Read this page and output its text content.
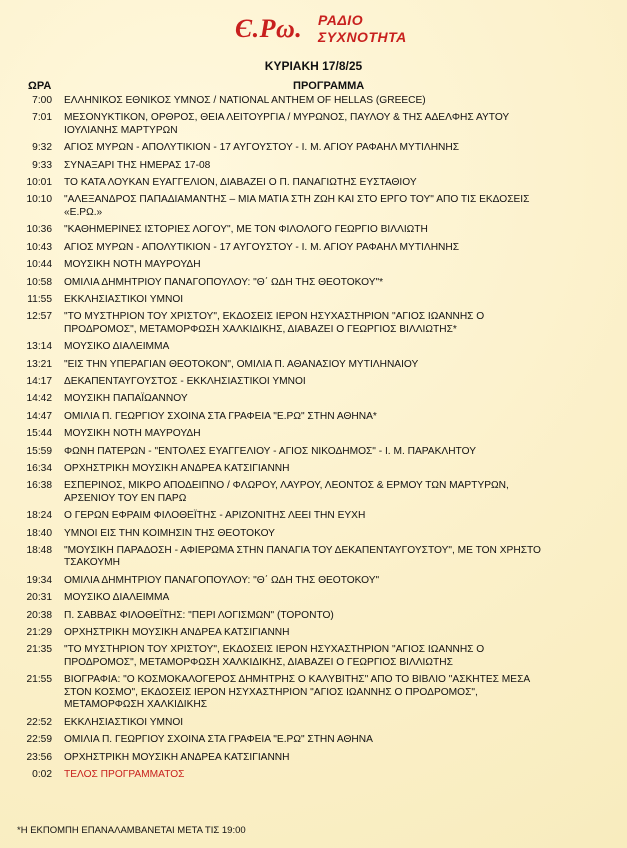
Є.Ρω. ΡΑΔΙΟ
ΣΥΧΝΟΤΗΤΑ
ΚΥΡΙΑΚΗ 17/8/25
ΩΡΑ	ΠΡΟΓΡΑΜΜΑ
7:00 ΕΛΛΗΝΙΚΟΣ ΕΘΝΙΚΟΣ ΥΜΝΟΣ / NATIONAL ANTHEM OF HELLAS (GREECE)
7:01 ΜΕΣΟΝΥΚΤΙΚΟΝ, ΟΡΘΡΟΣ, ΘΕΙΑ ΛΕΙΤΟΥΡΓΙΑ / ΜΥΡΩΝΟΣ, ΠΑΥΛΟΥ & ΤΗΣ ΑΔΕΛΦΗΣ ΑΥΤΟΥ
ΙΟΥΛΙΑΝΗΣ ΜΑΡΤΥΡΩΝ
9:32 ΑΓΙΟΣ ΜΥΡΩΝ - ΑΠΟΛΥΤΙΚΙΟΝ - 17 ΑΥΓΟΥΣΤΟΥ - Ι. Μ. ΑΓΙΟΥ ΡΑΦΑΗΛ ΜΥΤΙΛΗΝΗΣ
9:33 ΣΥΝΑΞΑΡΙ ΤΗΣ ΗΜΕΡΑΣ 17-08
10:01 ΤΟ ΚΑΤΑ ΛΟΥΚΑΝ ΕΥΑΓΓΕΛΙΟΝ, ΔΙΑΒΑΖΕΙ Ο Π. ΠΑΝΑΓΙΩΤΗΣ ΕΥΣΤΑΘΙΟΥ
10:10 "ΑΛΕΞΑΝΔΡΟΣ ΠΑΠΑΔΙΑΜΑΝΤΗΣ – ΜΙΑ ΜΑΤΙΑ ΣΤΗ ΖΩΗ ΚΑΙ ΣΤΟ ΕΡΓΟ ΤΟΥ" ΑΠΟ ΤΙΣ ΕΚΔΟΣΕΙΣ
«Ε.ΡΩ.»
10:36 "ΚΑΘΗΜΕΡΙΝΕΣ ΙΣΤΟΡΙΕΣ ΛΟΓΟΥ", ΜΕ ΤΟΝ ΦΙΛΟΛΟΓΟ ΓΕΩΡΓΙΟ ΒΙΛΛΙΩΤΗ
10:43 ΑΓΙΟΣ ΜΥΡΩΝ - ΑΠΟΛΥΤΙΚΙΟΝ - 17 ΑΥΓΟΥΣΤΟΥ - Ι. Μ. ΑΓΙΟΥ ΡΑΦΑΗΛ ΜΥΤΙΛΗΝΗΣ
10:44 ΜΟΥΣΙΚΗ ΝΟΤΗ ΜΑΥΡΟΥΔΗ
10:58 ΟΜΙΛΙΑ ΔΗΜΗΤΡΙΟΥ ΠΑΝΑΓΟΠΟΥΛΟΥ: "Θ΄ ΩΔΗ ΤΗΣ ΘΕΟΤΟΚΟΥ"*
11:55 ΕΚΚΛΗΣΙΑΣΤΙΚΟΙ ΥΜΝΟΙ
12:57 "ΤΟ ΜΥΣΤΗΡΙΟΝ ΤΟΥ ΧΡΙΣΤΟΥ", ΕΚΔΟΣΕΙΣ ΙΕΡΟΝ ΗΣΥΧΑΣΤΗΡΙΟΝ "ΑΓΙΟΣ ΙΩΑΝΝΗΣ Ο
ΠΡΟΔΡΟΜΟΣ", ΜΕΤΑΜΟΡΦΩΣΗ ΧΑΛΚΙΔΙΚΗΣ, ΔΙΑΒΑΖΕΙ Ο ΓΕΩΡΓΙΟΣ ΒΙΛΛΙΩΤΗΣ*
13:14 ΜΟΥΣΙΚΟ ΔΙΑΛΕΙΜΜΑ
13:21 "ΕΙΣ ΤΗΝ ΥΠΕΡΑΓΙΑΝ ΘΕΟΤΟΚΟΝ", ΟΜΙΛΙΑ Π. ΑΘΑΝΑΣΙΟΥ ΜΥΤΙΛΗΝΑΙΟΥ
14:17 ΔΕΚΑΠΕΝΤΑΥΓΟΥΣΤΟΣ - ΕΚΚΛΗΣΙΑΣΤΙΚΟΙ ΥΜΝΟΙ
14:42 ΜΟΥΣΙΚΗ ΠΑΠΑΪΩΑΝΝΟΥ
14:47 ΟΜΙΛΙΑ Π. ΓΕΩΡΓΙΟΥ ΣΧΟΙΝΑ ΣΤΑ ΓΡΑΦΕΙΑ "Ε.ΡΩ" ΣΤΗΝ ΑΘΗΝΑ*
15:44 ΜΟΥΣΙΚΗ ΝΟΤΗ ΜΑΥΡΟΥΔΗ
15:59 ΦΩΝΗ ΠΑΤΕΡΩΝ - "ΕΝΤΟΛΕΣ ΕΥΑΓΓΕΛΙΟΥ - ΑΓΙΟΣ ΝΙΚΟΔΗΜΟΣ" - Ι. Μ. ΠΑΡΑΚΛΗΤΟΥ
16:34 ΟΡΧΗΣΤΡΙΚΗ ΜΟΥΣΙΚΗ ΑΝΔΡΕΑ ΚΑΤΣΙΓΙΑΝΝΗ
16:38 ΕΣΠΕΡΙΝΟΣ, ΜΙΚΡΟ ΑΠΟΔΕΙΠΝΟ / ΦΛΩΡΟΥ, ΛΑΥΡΟΥ, ΛΕΟΝΤΟΣ & ΕΡΜΟΥ ΤΩΝ ΜΑΡΤΥΡΩΝ,
ΑΡΣΕΝΙΟΥ ΤΟΥ ΕΝ ΠΑΡΩ
18:24 Ο ΓΕΡΩΝ ΕΦΡΑΙΜ ΦΙΛΟΘΕΪΤΗΣ - ΑΡΙΖΟΝΙΤΗΣ ΛΕΕΙ ΤΗΝ ΕΥΧΗ
18:40 ΥΜΝΟΙ ΕΙΣ ΤΗΝ ΚΟΙΜΗΣΙΝ ΤΗΣ ΘΕΟΤΟΚΟΥ
18:48 "ΜΟΥΣΙΚΗ ΠΑΡΑΔΟΣΗ - ΑΦΙΕΡΩΜΑ ΣΤΗΝ ΠΑΝΑΓΙΑ ΤΟΥ ΔΕΚΑΠΕΝΤΑΥΓΟΥΣΤΟΥ", ΜΕ ΤΟΝ ΧΡΗΣΤΟ
ΤΣΑΚΟΥΜΗ
19:34 ΟΜΙΛΙΑ ΔΗΜΗΤΡΙΟΥ ΠΑΝΑΓΟΠΟΥΛΟΥ: "Θ΄ ΩΔΗ ΤΗΣ ΘΕΟΤΟΚΟΥ"
20:31 ΜΟΥΣΙΚΟ ΔΙΑΛΕΙΜΜΑ
20:38 Π. ΣΑΒΒΑΣ ΦΙΛΟΘΕΪΤΗΣ: "ΠΕΡΙ ΛΟΓΙΣΜΩΝ" (ΤΟΡΟΝΤΟ)
21:29 ΟΡΧΗΣΤΡΙΚΗ ΜΟΥΣΙΚΗ ΑΝΔΡΕΑ ΚΑΤΣΙΓΙΑΝΝΗ
21:35 "ΤΟ ΜΥΣΤΗΡΙΟΝ ΤΟΥ ΧΡΙΣΤΟΥ", ΕΚΔΟΣΕΙΣ ΙΕΡΟΝ ΗΣΥΧΑΣΤΗΡΙΟΝ "ΑΓΙΟΣ ΙΩΑΝΝΗΣ Ο
ΠΡΟΔΡΟΜΟΣ", ΜΕΤΑΜΟΡΦΩΣΗ ΧΑΛΚΙΔΙΚΗΣ, ΔΙΑΒΑΖΕΙ Ο ΓΕΩΡΓΙΟΣ ΒΙΛΛΙΩΤΗΣ
21:55 ΒΙΟΓΡΑΦΙΑ: "Ο ΚΟΣΜΟΚΑΛΟΓΕΡΟΣ ΔΗΜΗΤΡΗΣ Ο ΚΑΛΥΒΙΤΗΣ" ΑΠΟ ΤΟ ΒΙΒΛΙΟ "ΑΣΚΗΤΕΣ ΜΕΣΑ
ΣΤΟΝ ΚΟΣΜΟ", ΕΚΔΟΣΕΙΣ ΙΕΡΟΝ ΗΣΥΧΑΣΤΗΡΙΟΝ "ΑΓΙΟΣ ΙΩΑΝΝΗΣ Ο ΠΡΟΔΡΟΜΟΣ",
ΜΕΤΑΜΟΡΦΩΣΗ ΧΑΛΚΙΔΙΚΗΣ
22:52 ΕΚΚΛΗΣΙΑΣΤΙΚΟΙ ΥΜΝΟΙ
22:59 ΟΜΙΛΙΑ Π. ΓΕΩΡΓΙΟΥ ΣΧΟΙΝΑ ΣΤΑ ΓΡΑΦΕΙΑ "Ε.ΡΩ" ΣΤΗΝ ΑΘΗΝΑ
23:56 ΟΡΧΗΣΤΡΙΚΗ ΜΟΥΣΙΚΗ ΑΝΔΡΕΑ ΚΑΤΣΙΓΙΑΝΝΗ
0:02 ΤΕΛΟΣ ΠΡΟΓΡΑΜΜΑΤΟΣ
*Η ΕΚΠΟΜΠΗ ΕΠΑΝΑΛΑΜΒΑΝΕΤΑΙ ΜΕΤΑ ΤΙΣ 19:00
